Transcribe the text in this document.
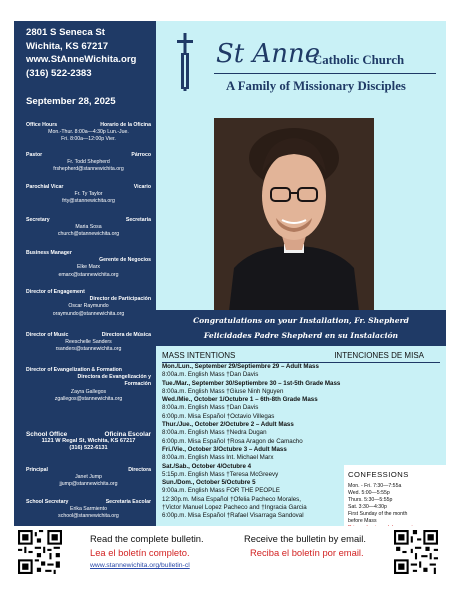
2801 S Seneca St
Wichita, KS 67217
www.StAnneWichita.org
(316) 522-2383
September 28, 2025
Office Hours	Horario de la Oficina
Mon.-Thur. 8:00a—4:30p Lun.-Jue.
Fri. 8:00a—12:00p Vier.
Pastor	Párroco
Fr. Todd Shepherd
frshepherd@stannewichita.org
Parochial Vicar	Vicario
Fr. Ty Taylor
frty@stannewichita.org
Secretary	Secretaria
Maria Sosa
church@stannewichita.org
Business Manager
Gerente de Negocios
Elke Marx
emarx@stannewichita.org
Director of Engagement
Director de Participación
Oscar Raymundo
oraymundo@stannewichita.org
Director of Music	Directora de Música
Reeschelle Sanders
rsanders@stannewichita.org
Director of Evangelization & Formation
Directora de Evangelización y
Formación
Zayra Gallegos
zgallegos@stannewichita.org
School Office	Oficina Escolar
1121 W Regal St, Wichita, KS 67217
(316) 522-6131
Principal	Directora
Janet Jump
jjump@stannewichita.org
School Secretary	Secretaria Escolar
Erika Sarmiento
school@stannewichita.org
St Anne
Catholic Church
A Family of Missionary Disciples
Congratulations on your Installation, Fr. Shepherd
Felicidades Padre Shepherd en su Instalación
MASS INTENTIONS	INTENCIONES DE MISA
Mon./Lun., September 29/Septiembre 29 – Adult Mass
8:00a.m. English Mass †Dan Davis
Tue./Mar., September 30/Septiembre 30 – 1st-5th Grade Mass
8:00a.m. English Mass †Giuse Ninh Nguyen
Wed./Mie., October 1/Octubre 1 – 6th-8th Grade Mass
8:00a.m. English Mass †Dan Davis
6:00p.m. Misa Español †Octavio Villegas
Thur./Jue., October 2/Octubre 2 – Adult Mass
8:00a.m. English Mass †Nedra Dugan
6:00p.m. Misa Español †Rosa Aragon de Camacho
Fri./Vie., October 3/Octubre 3 – Adult Mass
8:00a.m. English Mass Int. Michael Marx
Sat./Sab., October 4/Octubre 4
5:15p.m. English Mass †Teresa McGreevy
Sun./Dom., October 5/Octubre 5
9:00a.m. English Mass FOR THE PEOPLE
12:30p.m. Misa Español †Ofelia Pacheco Morales,
†Victor Manuel Lopez Pacheco and †Ingracia Garcia
6:00p.m. Misa Español †Rafael Visarraga Sandoval
CONFESSIONS
Mon. - Fri. 7:30—7:55a
Wed. 5:00—5:55p
Thurs. 5:30—5:55p
Sat. 3:30—4:30p
First Sunday of the month
before Mass
Read the complete bulletin.
Lea el boletín completo.
www.stannewichita.org/bulletin-cl
Receive the bulletin by email.
Reciba el boletín por email.
